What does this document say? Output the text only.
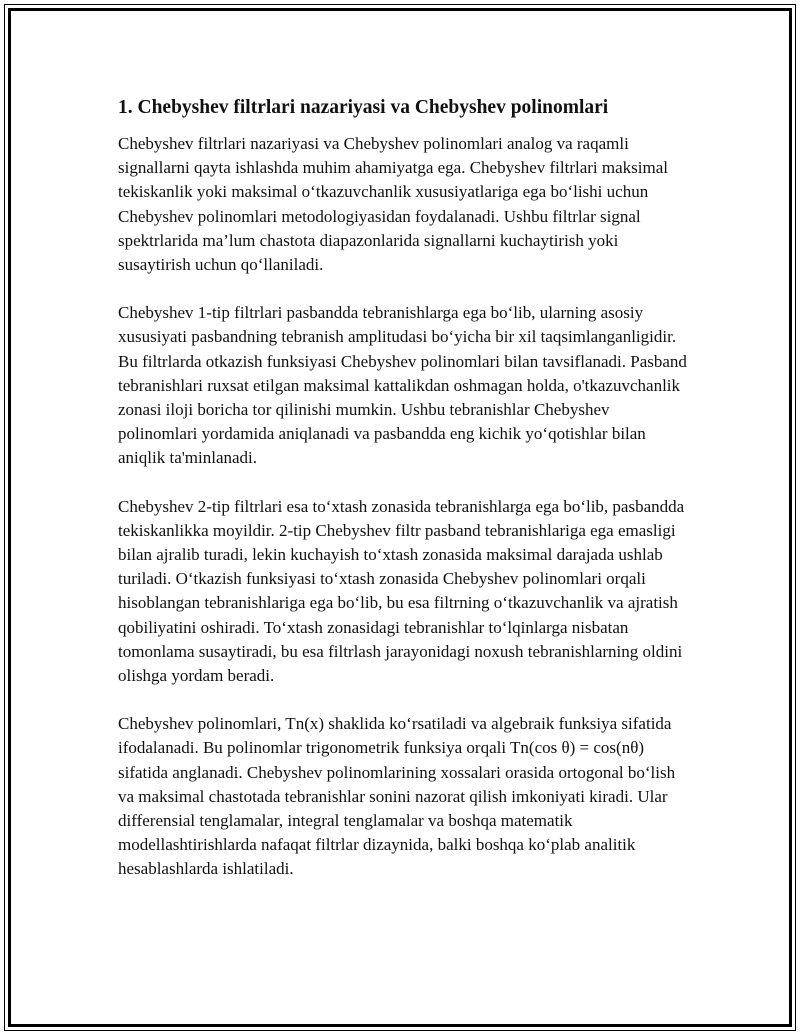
1. Chebyshev filtrlari nazariyasi va Chebyshev polinomlari

Chebyshev filtrlari nazariyasi va Chebyshev polinomlari analog va raqamli signallarni qayta ishlashda muhim ahamiyatga ega. Chebyshev filtrlari maksimal tekiskanlik yoki maksimal o‘tkazuvchanlik xususiyatlariga ega bo‘lishi uchun Chebyshev polinomlari metodologiyasidan foydalanadi. Ushbu filtrlar signal spektrlarida ma’lum chastota diapazonlarida signallarni kuchaytirish yoki susaytirish uchun qo‘llaniladi.

Chebyshev 1-tip filtrlari pasbandda tebranishlarga ega bo‘lib, ularning asosiy xususiyati pasbandning tebranish amplitudasi bo‘yicha bir xil taqsimlanganligidir. Bu filtrlarda otkazish funksiyasi Chebyshev polinomlari bilan tavsiflanadi. Pasband tebranishlari ruxsat etilgan maksimal kattalikdan oshmagan holda, o'tkazuvchanlik zonasi iloji boricha tor qilinishi mumkin. Ushbu tebranishlar Chebyshev polinomlari yordamida aniqlanadi va pasbandda eng kichik yo‘qotishlar bilan aniqlik ta'minlanadi.

Chebyshev 2-tip filtrlari esa to‘xtash zonasida tebranishlarga ega bo‘lib, pasbandda tekiskanlikka moyildir. 2-tip Chebyshev filtr pasband tebranishlariga ega emasligi bilan ajralib turadi, lekin kuchayish to‘xtash zonasida maksimal darajada ushlab turiladi. O‘tkazish funksiyasi to‘xtash zonasida Chebyshev polinomlari orqali hisoblangan tebranishlariga ega bo‘lib, bu esa filtrning o‘tkazuvchanlik va ajratish qobiliyatini oshiradi. To‘xtash zonasidagi tebranishlar to‘lqinlarga nisbatan tomonlama susaytiradi, bu esa filtrlash jarayonidagi noxush tebranishlarning oldini olishga yordam beradi.

Chebyshev polinomlari, Tn(x) shaklida ko‘rsatiladi va algebraik funksiya sifatida ifodalanadi. Bu polinomlar trigonometrik funksiya orqali Tn(cos θ) = cos(nθ) sifatida anglanadi. Chebyshev polinomlarining xossalari orasida ortogonal bo‘lish va maksimal chastotada tebranishlar sonini nazorat qilish imkoniyati kiradi. Ular differensial tenglamalar, integral tenglamalar va boshqa matematik modellashtirishlarda nafaqat filtrlar dizaynida, balki boshqa ko‘plab analitik hesablashlarda ishlatiladi.
